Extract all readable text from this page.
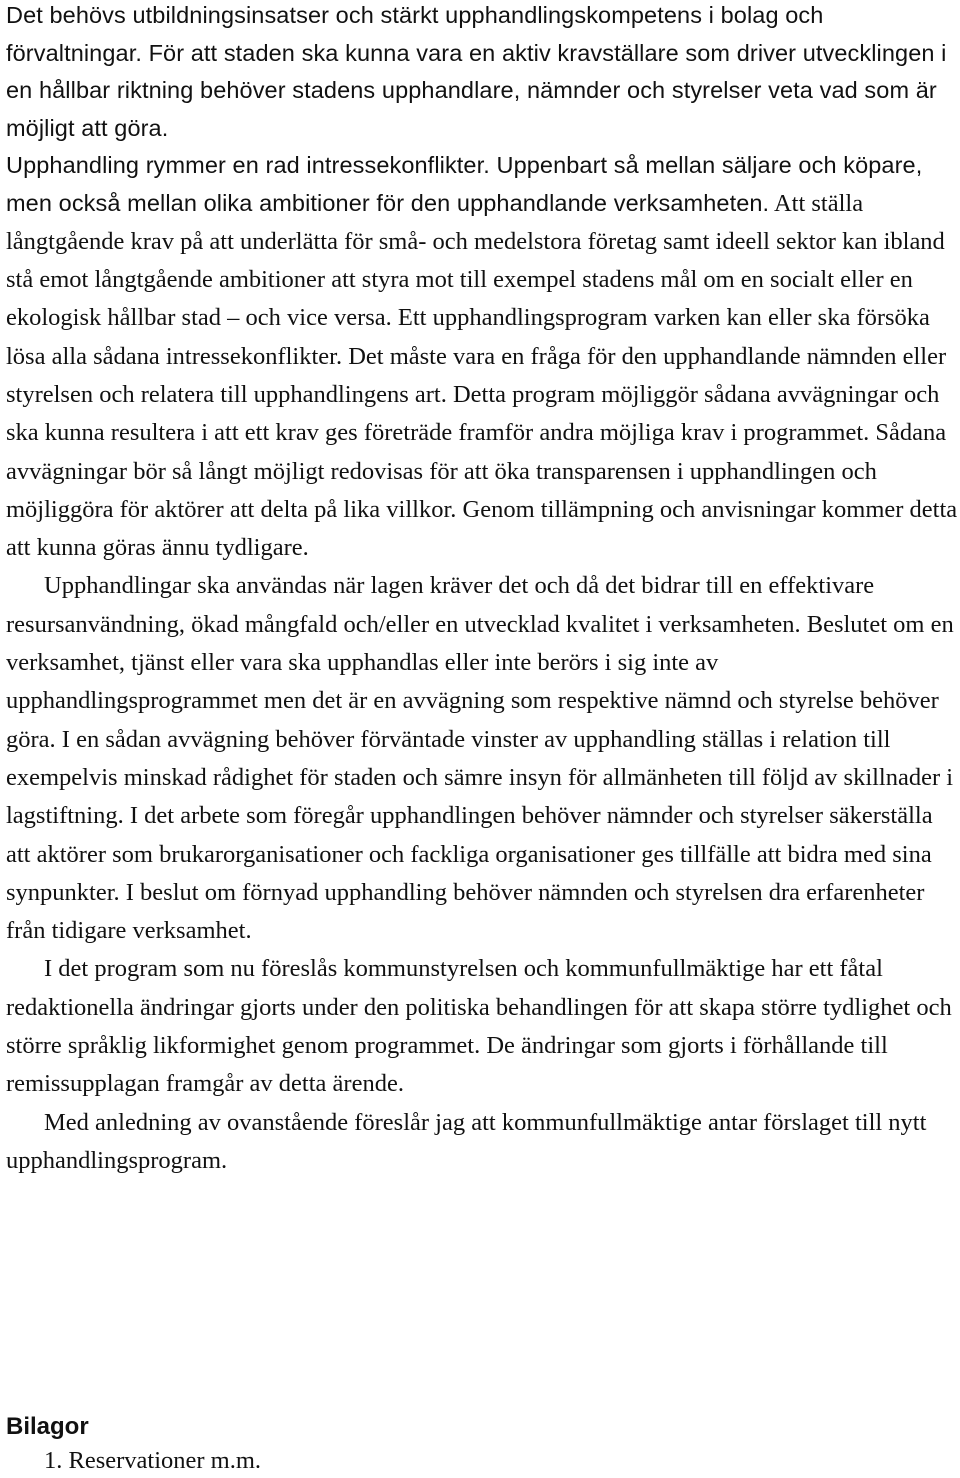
Det behövs utbildningsinsatser och stärkt upphandlingskompetens i bolag och förvaltningar. För att staden ska kunna vara en aktiv kravställare som driver utvecklingen i en hållbar riktning behöver stadens upphandlare, nämnder och styrelser veta vad som är möjligt att göra.

Upphandling rymmer en rad intressekonflikter. Uppenbart så mellan säljare och köpare, men också mellan olika ambitioner för den upphandlande verksamheten. Att ställa långtgående krav på att underlätta för små- och medelstora företag samt ideell sektor kan ibland stå emot långtgående ambitioner att styra mot till exempel stadens mål om en socialt eller en ekologisk hållbar stad – och vice versa. Ett upphandlingsprogram varken kan eller ska försöka lösa alla sådana intressekonflikter. Det måste vara en fråga för den upphandlande nämnden eller styrelsen och relatera till upphandlingens art. Detta program möjliggör sådana avvägningar och ska kunna resultera i att ett krav ges företräde framför andra möjliga krav i programmet. Sådana avvägningar bör så långt möjligt redovisas för att öka transparensen i upphandlingen och möjliggöra för aktörer att delta på lika villkor. Genom tillämpning och anvisningar kommer detta att kunna göras ännu tydligare.

Upphandlingar ska användas när lagen kräver det och då det bidrar till en effektivare resursanvändning, ökad mångfald och/eller en utvecklad kvalitet i verksamheten. Beslutet om en verksamhet, tjänst eller vara ska upphandlas eller inte berörs i sig inte av upphandlingsprogrammet men det är en avvägning som respektive nämnd och styrelse behöver göra. I en sådan avvägning behöver förväntade vinster av upphandling ställas i relation till exempelvis minskad rådighet för staden och sämre insyn för allmänheten till följd av skillnader i lagstiftning. I det arbete som föregår upphandlingen behöver nämnder och styrelser säkerställa att aktörer som brukarorganisationer och fackliga organisationer ges tillfälle att bidra med sina synpunkter. I beslut om förnyad upphandling behöver nämnden och styrelsen dra erfarenheter från tidigare verksamhet.

I det program som nu föreslås kommunstyrelsen och kommunfullmäktige har ett fåtal redaktionella ändringar gjorts under den politiska behandlingen för att skapa större tydlighet och större språklig likformighet genom programmet. De ändringar som gjorts i förhållande till remissupplagan framgår av detta ärende.

Med anledning av ovanstående föreslår jag att kommunfullmäktige antar förslaget till nytt upphandlingsprogram.

Bilagor
1. Reservationer m.m.
